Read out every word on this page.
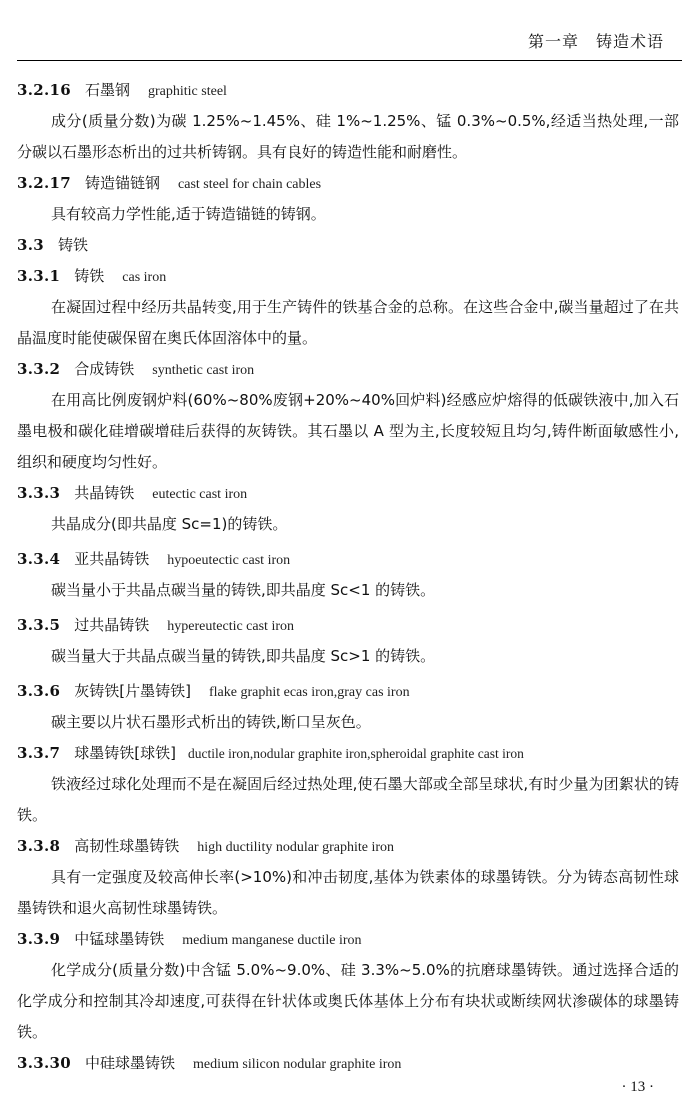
第一章　铸造术语
3.2.16 石墨钢 graphitic steel

成分(质量分数)为碳 1.25%~1.45%、硅 1%~1.25%、锰 0.3%~0.5%,经适当热处理,一部分碳以石墨形态析出的过共析铸钢。具有良好的铸造性能和耐磨性。

3.2.17 铸造锚链钢 cast steel for chain cables

具有较高力学性能,适于铸造锚链的铸钢。

3.3 铸铁
3.3.1 铸铁 cas iron

在凝固过程中经历共晶转变,用于生产铸件的铁基合金的总称。在这些合金中,碳当量超过了在共晶温度时能使碳保留在奥氏体固溶体中的量。

3.3.2 合成铸铁 synthetic cast iron

在用高比例废钢炉料(60%~80%废钢+20%~40%回炉料)经感应炉熔得的低碳铁液中,加入石墨电极和碳化硅增碳增硅后获得的灰铸铁。其石墨以 A 型为主,长度较短且均匀,铸件断面敏感性小,组织和硬度均匀性好。

3.3.3 共晶铸铁 eutectic cast iron

共晶成分(即共晶度 Sc=1)的铸铁。

3.3.4 亚共晶铸铁 hypoeutectic cast iron

碳当量小于共晶点碳当量的铸铁,即共晶度 Sc<1 的铸铁。

3.3.5 过共晶铸铁 hypereutectic cast iron

碳当量大于共晶点碳当量的铸铁,即共晶度 Sc>1 的铸铁。

3.3.6 灰铸铁[片墨铸铁] flake graphit ecas iron,gray cas iron

碳主要以片状石墨形式析出的铸铁,断口呈灰色。

3.3.7 球墨铸铁[球铁] ductile iron,nodular graphite iron,spheroidal graphite cast iron

铁液经过球化处理而不是在凝固后经过热处理,使石墨大部或全部呈球状,有时少量为团絮状的铸铁。

3.3.8 高韧性球墨铸铁 high ductility nodular graphite iron

具有一定强度及较高伸长率(>10%)和冲击韧度,基体为铁素体的球墨铸铁。分为铸态高韧性球墨铸铁和退火高韧性球墨铸铁。

3.3.9 中锰球墨铸铁 medium manganese ductile iron

化学成分(质量分数)中含锰 5.0%~9.0%、硅 3.3%~5.0%的抗磨球墨铸铁。通过选择合适的化学成分和控制其冷却速度,可获得在针状体或奥氏体基体上分布有块状或断续网状渗碳体的球墨铸铁。

3.3.30 中硅球墨铸铁 medium silicon nodular graphite iron
· 13 ·
